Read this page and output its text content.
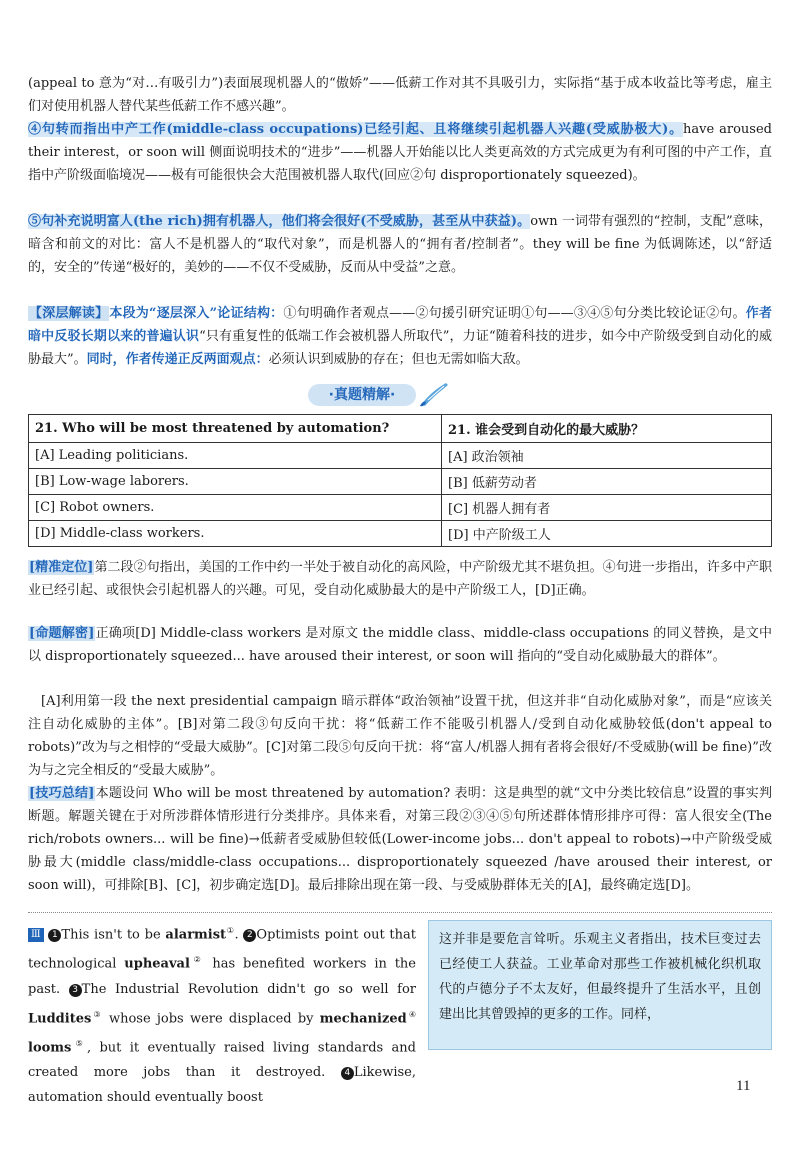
(appeal to 意为“对…有吸引力”)表面展现机器人的“傲娇”——低薪工作对其不具吸引力，实际指“基于成本收益比等考虑，雇主们对使用机器人替代某些低薪工作不感兴趣”。

④句转而指出中产工作(middle-class occupations)已经引起、且将继续引起机器人兴趣(受威胁极大)。have aroused their interest，or soon will 侧面说明技术的“进步”——机器人开始能以比人类更高效的方式完成更为有利可图的中产工作，直指中产阶级面临境况——极有可能很快会大范围被机器人取代(回应②句 disproportionately squeezed)。

⑤句补充说明富人(the rich)拥有机器人，他们将会很好(不受威胁，甚至从中获益)。own 一词带有强烈的“控制，支配”意味，暗含和前文的对比：富人不是机器人的“取代对象”，而是机器人的“拥有者/控制者”。they will be fine 为低调陈述，以“舒适的，安全的”传递“极好的，美妙的——不仅不受威胁，反而从中受益”之意。

【深层解读】本段为“逐层深入”论证结构：①句明确作者观点——②句援引研究证明①句——③④⑤句分类比较论证②句。作者暗中反驳长期以来的普遍认识“只有重复性的低端工作会被机器人所取代”，力证“随着科技的进步，如今中产阶级受到自动化的威胁最大”。同时，作者传递正反两面观点：必须认识到威胁的存在；但也无需如临大敌。

·真题精解·
21. Who will be most threatened by automation?	21. 谁会受到自动化的最大威胁？
[A] Leading politicians.	[A] 政治领袖
[B] Low-wage laborers.	[B] 低薪劳动者
[C] Robot owners.	[C] 机器人拥有者
[D] Middle-class workers.	[D] 中产阶级工人

[精准定位]第二段②句指出，美国的工作中约一半处于被自动化的高风险，中产阶级尤其不堪负担。④句进一步指出，许多中产职业已经引起、或很快会引起机器人的兴趣。可见，受自动化威胁最大的是中产阶级工人，[D]正确。

[命题解密]正确项[D] Middle-class workers 是对原文 the middle class、middle-class occupations 的同义替换，是文中以 disproportionately squeezed... have aroused their interest, or soon will 指向的“受自动化威胁最大的群体”。

[A]利用第一段 the next presidential campaign 暗示群体“政治领袖”设置干扰，但这并非“自动化威胁对象”，而是“应该关注自动化威胁的主体”。[B]对第二段③句反向干扰：将“低薪工作不能吸引机器人/受到自动化威胁较低(don't appeal to robots)”改为与之相悖的“受最大威胁”。[C]对第二段⑤句反向干扰：将“富人/机器人拥有者将会很好/不受威胁(will be fine)”改为与之完全相反的“受最大威胁”。

[技巧总结]本题设问 Who will be most threatened by automation? 表明：这是典型的就“文中分类比较信息”设置的事实判断题。解题关键在于对所涉群体情形进行分类排序。具体来看，对第三段②③④⑤句所述群体情形排序可得：富人很安全(The rich/robots owners... will be fine)→低薪者受威胁但较低(Lower-income jobs... don't appeal to robots)→中产阶级受威胁最大(middle class/middle-class occupations... disproportionately squeezed /have aroused their interest, or soon will)，可排除[B]、[C]，初步确定选[D]。最后排除出现在第一段、与受威胁群体无关的[A]，最终确定选[D]。

Ⅲ 1 This isn't to be alarmist①. 2 Optimists point out that technological upheaval② has benefited workers in the past. 3 The Industrial Revolution didn't go so well for Luddites③ whose jobs were displaced by mechanized④ looms⑤, but it eventually raised living standards and created more jobs than it destroyed. 4 Likewise, automation should eventually boost

这并非是要危言耸听。乐观主义者指出，技术巨变过去已经使工人获益。工业革命对那些工作被机械化织机取代的卢德分子不太友好，但最终提升了生活水平，且创建出比其曾毁掉的更多的工作。同样，
11
